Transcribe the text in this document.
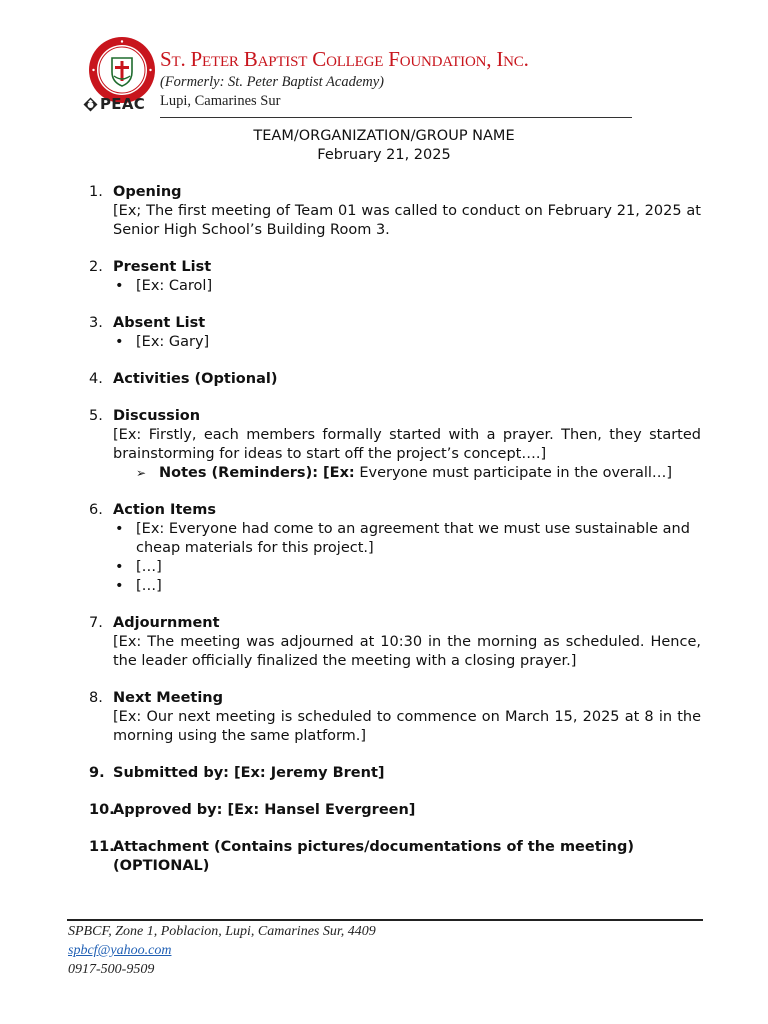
PEAC
St. Peter Baptist College Foundation, Inc.
(Formerly: St. Peter Baptist Academy)
Lupi, Camarines Sur
TEAM/ORGANIZATION/GROUP NAME
February 21, 2025
1. Opening
[Ex; The first meeting of Team 01 was called to conduct on February 21, 2025 at Senior High School’s Building Room 3.
2. Present List
• [Ex: Carol]
3. Absent List
• [Ex: Gary]
4. Activities (Optional)
5. Discussion
[Ex: Firstly, each members formally started with a prayer. Then, they started brainstorming for ideas to start off the project’s concept….]
➢ Notes (Reminders): [Ex: Everyone must participate in the overall…]
6. Action Items
• [Ex: Everyone had come to an agreement that we must use sustainable and cheap materials for this project.]
• […]
• […]
7. Adjournment
[Ex: The meeting was adjourned at 10:30 in the morning as scheduled. Hence, the leader officially finalized the meeting with a closing prayer.]
8. Next Meeting
[Ex: Our next meeting is scheduled to commence on March 15, 2025 at 8 in the morning using the same platform.]
9. Submitted by: [Ex: Jeremy Brent]
10.
Approved by: [Ex: Hansel Evergreen]
11.
Attachment (Contains pictures/documentations of the meeting) (OPTIONAL)
SPBCF, Zone 1, Poblacion, Lupi, Camarines Sur, 4409
spbcf@yahoo.com
0917-500-9509
